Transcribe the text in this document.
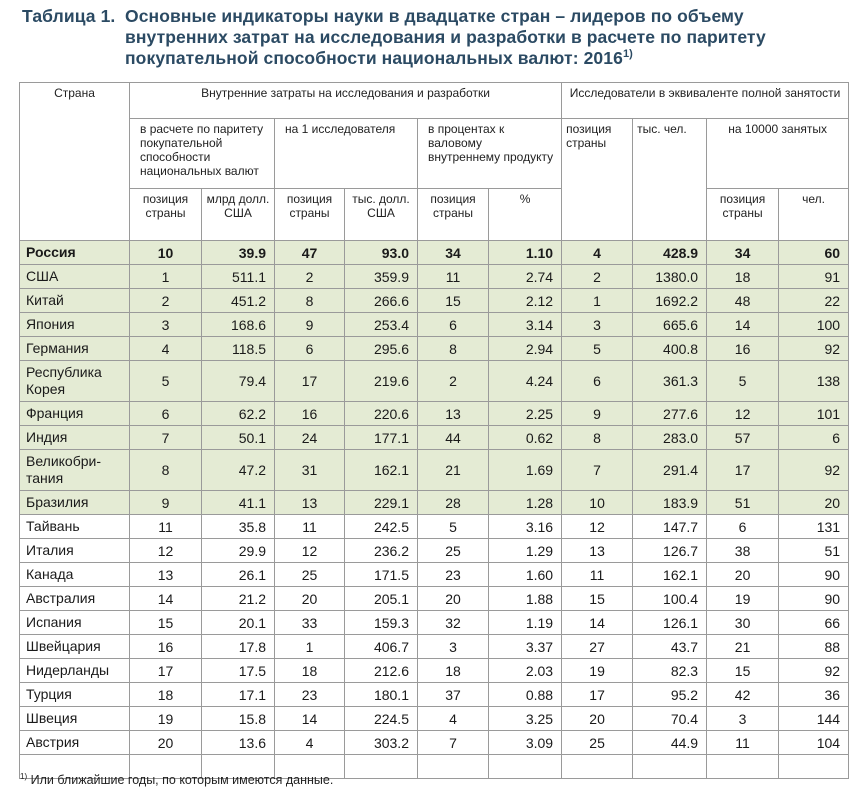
Таблица 1. Основные индикаторы науки в двадцатке стран – лидеров по объему внутренних затрат на исследования и разработки в расчете по паритету покупательной способности национальных валют: 2016$^{1)}$
Страна	Внутренние затраты на исследования и разработки						Исследователи в эквиваленте полной занятости			
	в расчете по паритету покупательной способности национальных валют		на 1 исследователя		в процентах к валовому внутреннему продукту		позиция страны	тыс. чел.	на 10000 занятых	
	позиция страны	млрд долл. США	позиция страны	тыс. долл. США	позиция страны	%			позиция страны	чел.
Россия	10	39.9	47	93.0	34	1.10	4	428.9	34	60
США	1	511.1	2	359.9	11	2.74	2	1380.0	18	91
Китай	2	451.2	8	266.6	15	2.12	1	1692.2	48	22
Япония	3	168.6	9	253.4	6	3.14	3	665.6	14	100
Германия	4	118.5	6	295.6	8	2.94	5	400.8	16	92
Республика Корея	5	79.4	17	219.6	2	4.24	6	361.3	5	138
Франция	6	62.2	16	220.6	13	2.25	9	277.6	12	101
Индия	7	50.1	24	177.1	44	0.62	8	283.0	57	6
Великобри-тания	8	47.2	31	162.1	21	1.69	7	291.4	17	92
Бразилия	9	41.1	13	229.1	28	1.28	10	183.9	51	20
Тайвань	11	35.8	11	242.5	5	3.16	12	147.7	6	131
Италия	12	29.9	12	236.2	25	1.29	13	126.7	38	51
Канада	13	26.1	25	171.5	23	1.60	11	162.1	20	90
Австралия	14	21.2	20	205.1	20	1.88	15	100.4	19	90
Испания	15	20.1	33	159.3	32	1.19	14	126.1	30	66
Швейцария	16	17.8	1	406.7	3	3.37	27	43.7	21	88
Нидерланды	17	17.5	18	212.6	18	2.03	19	82.3	15	92
Турция	18	17.1	23	180.1	37	0.88	17	95.2	42	36
Швеция	19	15.8	14	224.5	4	3.25	20	70.4	3	144
Австрия	20	13.6	4	303.2	7	3.09	25	44.9	11	104

$^{1)}$ Или ближайшие годы, по которым имеются данные.
